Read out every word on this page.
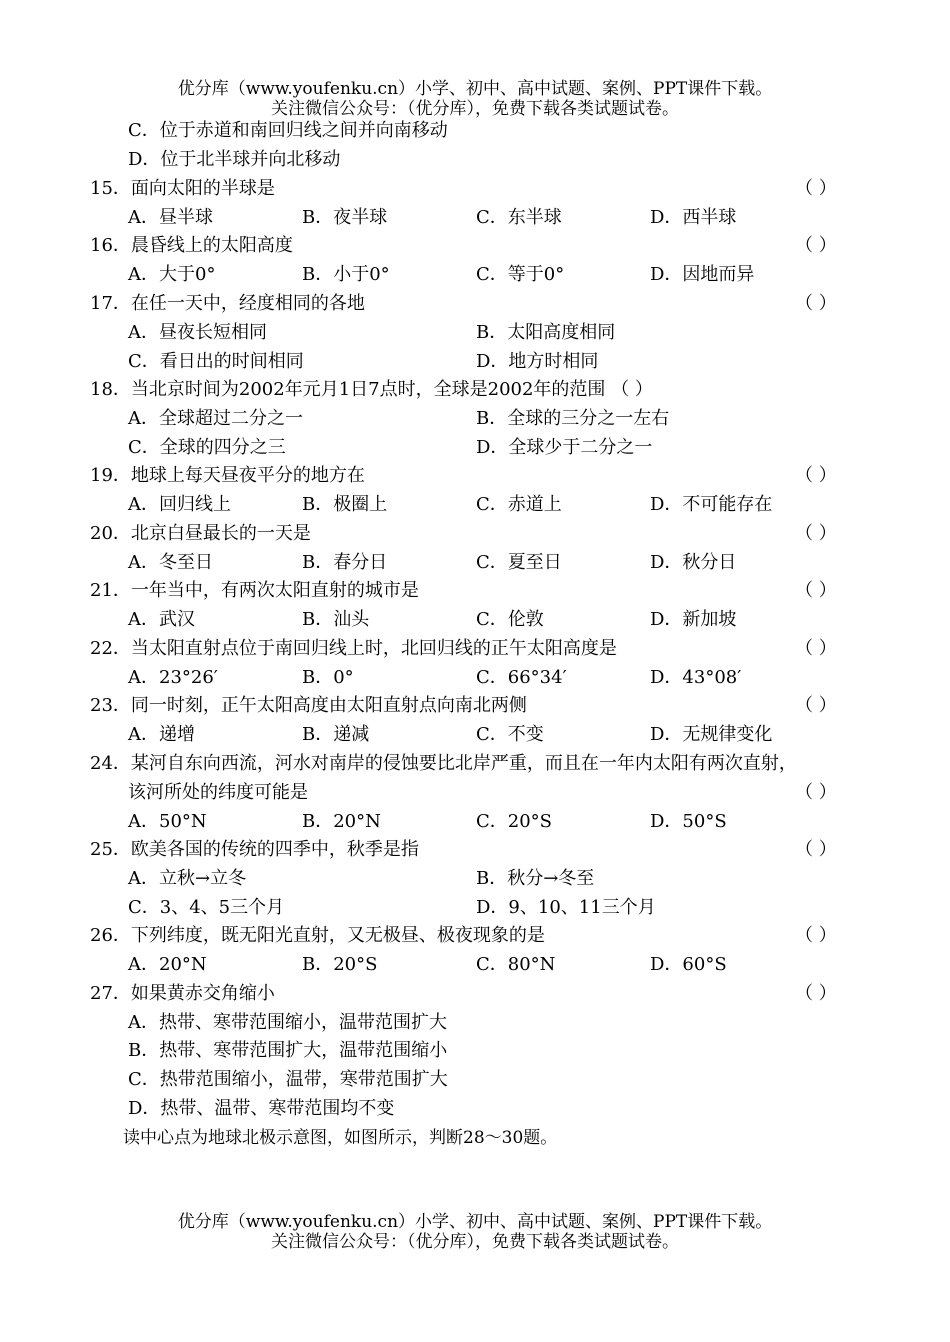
优分库（www.youfenku.cn）小学、初中、高中试题、案例、PPT课件下载。
关注微信公众号：（优分库），免费下载各类试题试卷。
C．位于赤道和南回归线之间并向南移动
D．位于北半球并向北移动
15．面向太阳的半球是	（ ）
A．昼半球	B．夜半球	C．东半球	D．西半球
16．晨昏线上的太阳高度	（ ）
A．大于0°	B．小于0°	C．等于0°	D．因地而异
17．在任一天中，经度相同的各地	（ ）
A．昼夜长短相同	B．太阳高度相同
C．看日出的时间相同	D．地方时相同
18．当北京时间为2002年元月1日7点时，全球是2002年的范围 （ ）
A．全球超过二分之一	B．全球的三分之一左右
C．全球的四分之三	D．全球少于二分之一
19．地球上每天昼夜平分的地方在	（ ）
A．回归线上	B．极圈上	C．赤道上	D．不可能存在
20．北京白昼最长的一天是	（ ）
A．冬至日	B．春分日	C．夏至日	D．秋分日
21．一年当中，有两次太阳直射的城市是	（ ）
A．武汉	B．汕头	C．伦敦	D．新加坡
22．当太阳直射点位于南回归线上时，北回归线的正午太阳高度是	（ ）
A．23°26′	B．0°	C．66°34′	D．43°08′
23．同一时刻，正午太阳高度由太阳直射点向南北两侧	（ ）
A．递增	B．递减	C．不变	D．无规律变化
24．某河自东向西流，河水对南岸的侵蚀要比北岸严重，而且在一年内太阳有两次直射，
该河所处的纬度可能是	（ ）
A．50°N	B．20°N	C．20°S	D．50°S
25．欧美各国的传统的四季中，秋季是指	（ ）
A．立秋→立冬	B．秋分→冬至
C．3、4、5三个月	D．9、10、11三个月
26．下列纬度，既无阳光直射，又无极昼、极夜现象的是	（ ）
A．20°N	B．20°S	C．80°N	D．60°S
27．如果黄赤交角缩小	（ ）
A．热带、寒带范围缩小，温带范围扩大
B．热带、寒带范围扩大，温带范围缩小
C．热带范围缩小，温带，寒带范围扩大
D．热带、温带、寒带范围均不变
读中心点为地球北极示意图，如图所示，判断28～30题。
优分库（www.youfenku.cn）小学、初中、高中试题、案例、PPT课件下载。
关注微信公众号：（优分库），免费下载各类试题试卷。
